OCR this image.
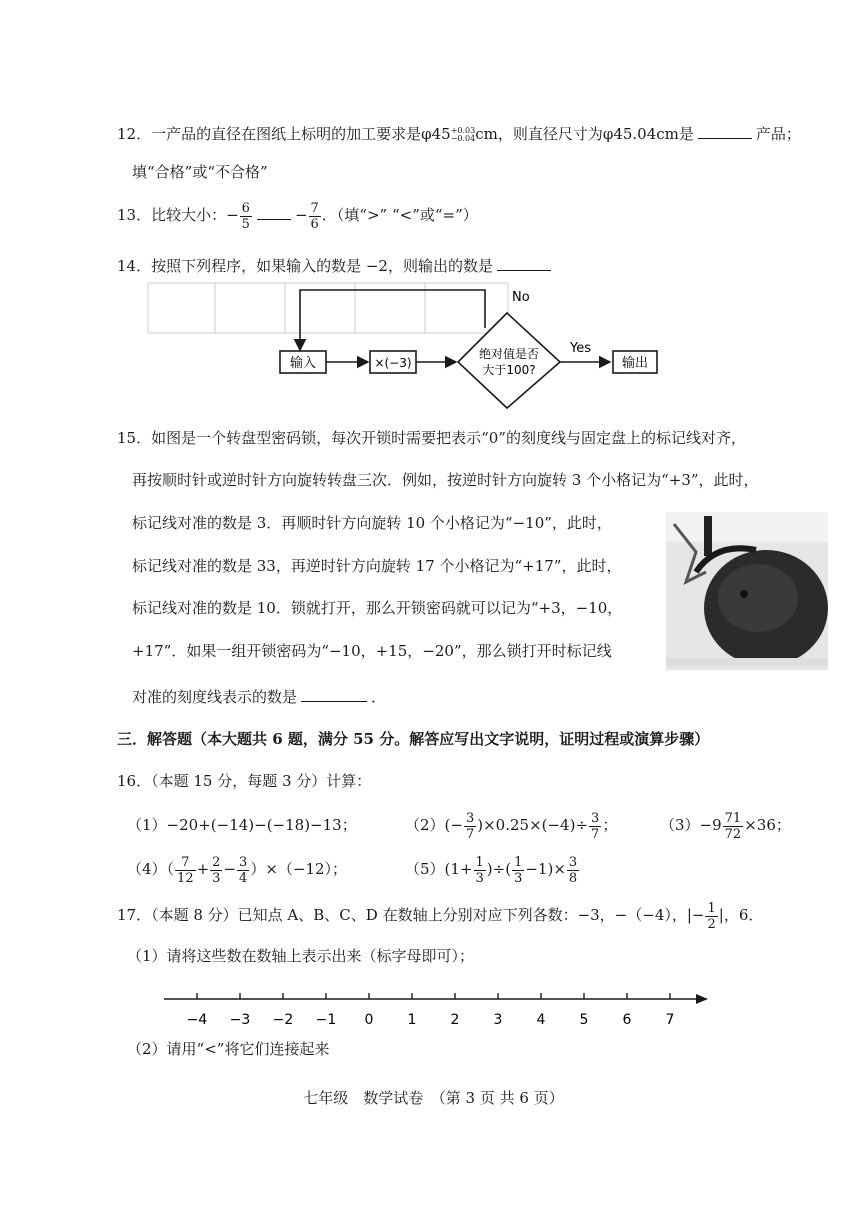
12．一产品的直径在图纸上标明的加工要求是φ45 +0.03
−0.04 cm，则直径尺寸为φ45.04cm是	产品；
填“合格”或“不合格”
13．比较大小：− $\frac{6}{5}$	− $\frac{7}{6}$ ．（填“>” “<”或“=”）
14．按照下列程序，如果输入的数是 −2，则输出的数是
No
输入	×(−3)
绝对值是否
大于100?
Yes
输出
15．如图是一个转盘型密码锁，每次开锁时需要把表示“0”的刻度线与固定盘上的标记线对齐，
再按顺时针或逆时针方向旋转转盘三次．例如，按逆时针方向旋转 3 个小格记为“+3”，此时，
标记线对准的数是 3．再顺时针方向旋转 10 个小格记为“−10”，此时，
标记线对准的数是 33，再逆时针方向旋转 17 个小格记为“+17”，此时，
标记线对准的数是 10．锁就打开，那么开锁密码就可以记为“+3，−10，
+17”．如果一组开锁密码为“−10，+15，−20”，那么锁打开时标记线
对准的刻度线表示的数是	．
三．解答题（本大题共 6 题，满分 55 分。解答应写出文字说明，证明过程或演算步骤）
16．（本题 15 分，每题 3 分）计算：
（1）−20+(−14)−(−18)−13；	$(2)(- \frac{3}{7} )\times 0.25\times(-4)\div \frac{3}{7}$ ；	$(3)-9 \frac{71}{72} \times 36$；
$(4)( \frac{7}{12} + \frac{2}{3} - \frac{3}{4} )\times(-12)$；	$(5)(1+ \frac{1}{3}$ )÷( $\frac{1}{3} -1)\times \frac{3}{8}$
17．（本题 8 分）已知点 A、B、C、D 在数轴上分别对应下列各数：−3，−（−4），|− $\frac{1}{2}$ |，6．
（1）请将这些数在数轴上表示出来（标字母即可）；
−4 −3 −2 −1 0 1 2 3 4 5 6 7
（2）请用“<”将它们连接起来
七年级　数学试卷　（第 3 页 共 6 页）
